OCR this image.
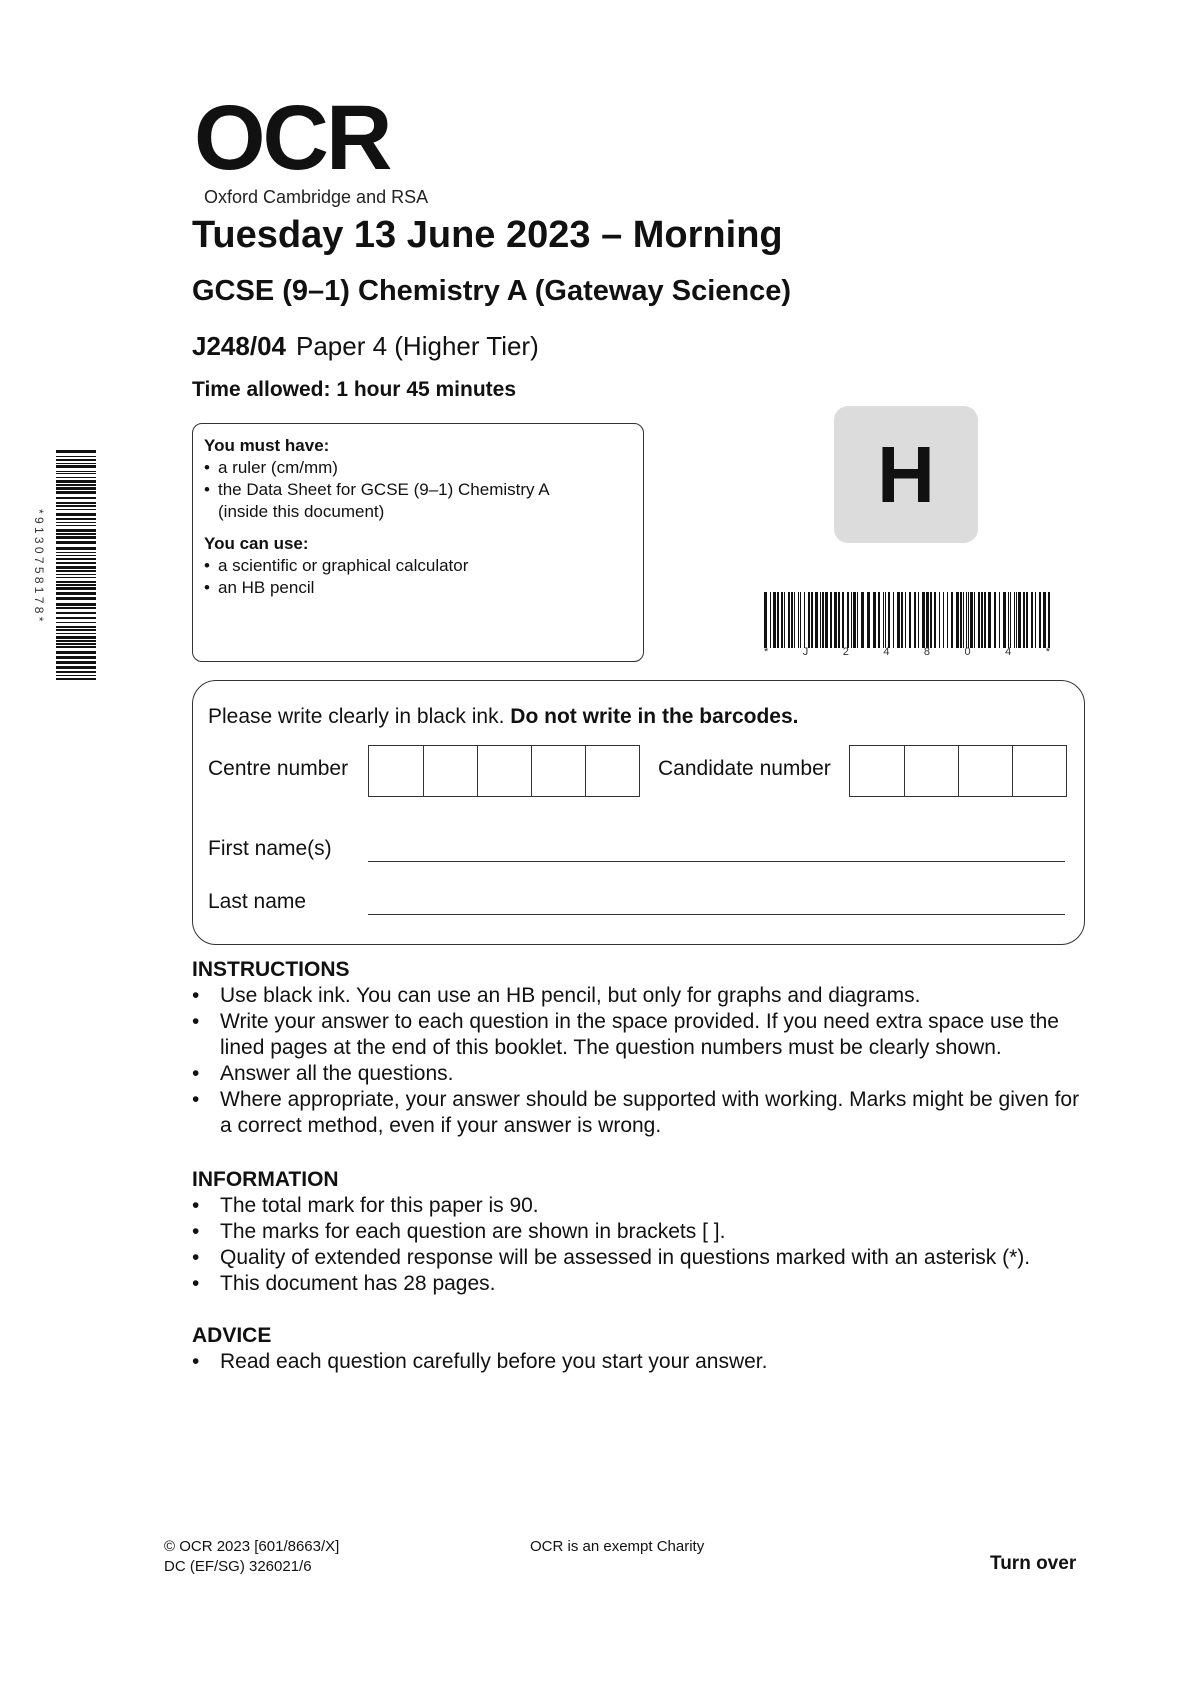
OCR
Oxford Cambridge and RSA
Tuesday 13 June 2023 – Morning
GCSE (9–1) Chemistry A (Gateway Science)
J248/04 Paper 4 (Higher Tier)
Time allowed: 1 hour 45 minutes
You must have:
• a ruler (cm/mm)
• the Data Sheet for GCSE (9–1) Chemistry A (inside this document)
You can use:
• a scientific or graphical calculator
• an HB pencil
H
*	J	2	4	8	0	4	*
*9130758178*
Please write clearly in black ink. Do not write in the barcodes.
Centre number	Candidate number
First name(s)
Last name
INSTRUCTIONS
• Use black ink. You can use an HB pencil, but only for graphs and diagrams.
• Write your answer to each question in the space provided. If you need extra space use the lined pages at the end of this booklet. The question numbers must be clearly shown.
• Answer all the questions.
• Where appropriate, your answer should be supported with working. Marks might be given for a correct method, even if your answer is wrong.
INFORMATION
• The total mark for this paper is 90.
• The marks for each question are shown in brackets [ ].
• Quality of extended response will be assessed in questions marked with an asterisk (*).
• This document has 28 pages.
ADVICE
• Read each question carefully before you start your answer.
© OCR 2023 [601/8663/X]
DC (EF/SG) 326021/6
OCR is an exempt Charity
Turn over
